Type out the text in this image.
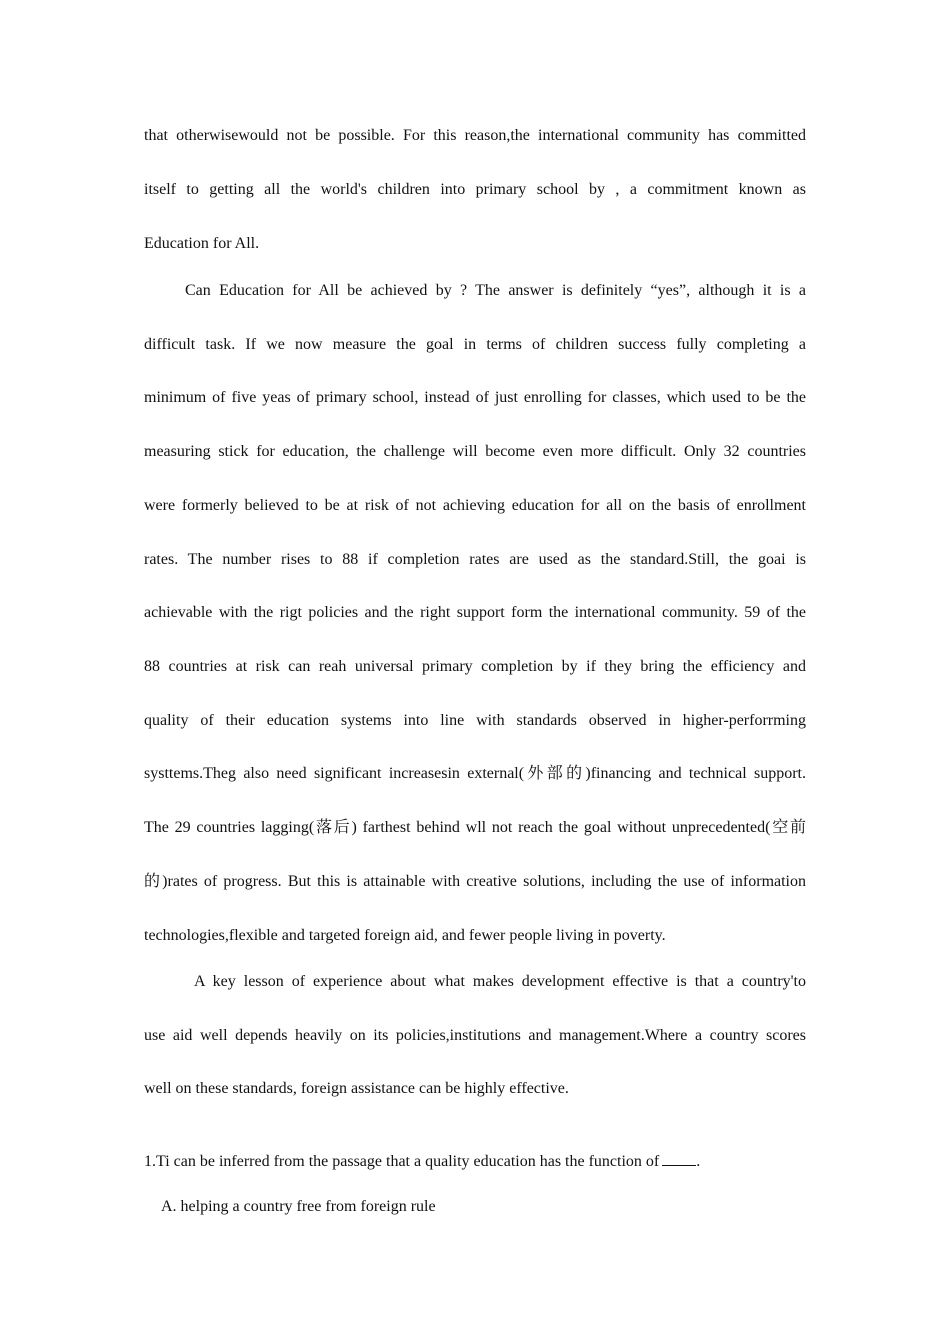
that otherwisewould not be possible. For this reason,the international community has committed
itself to getting all the world's children into primary school by , a commitment known as
Education for All.
Can Education for All be achieved by ? The answer is definitely “yes”, although it is a
difficult task. If we now measure the goal in terms of children success fully completing a
minimum of five yeas of primary school, instead of just enrolling for classes, which used to be the
measuring stick for education, the challenge will become even more difficult. Only 32 countries
were formerly believed to be at risk of not achieving education for all on the basis of enrollment
rates. The number rises to 88 if completion rates are used as the standard.Still, the goai is
achievable with the rigt policies and the right support form the international community. 59 of the
88 countries at risk can reah universal primary completion by if they bring the efficiency and
quality of their education systems into line with standards observed in higher-perforrming
systtems.Theg also need significant increasesin external(外部的)financing and technical support.
The 29 countries lagging(落后) farthest behind wll not reach the goal without unprecedented(空前
的)rates of progress. But this is attainable with creative solutions, including the use of information
technologies,flexible and targeted foreign aid, and fewer people living in poverty.
A key lesson of experience about what makes development effective is that a country'to
use aid well depends heavily on its policies,institutions and management.Where a country scores
well on these standards, foreign assistance can be highly effective.
1.Ti can be inferred from the passage that a quality education has the function of .
A. helping a country free from foreign rule
